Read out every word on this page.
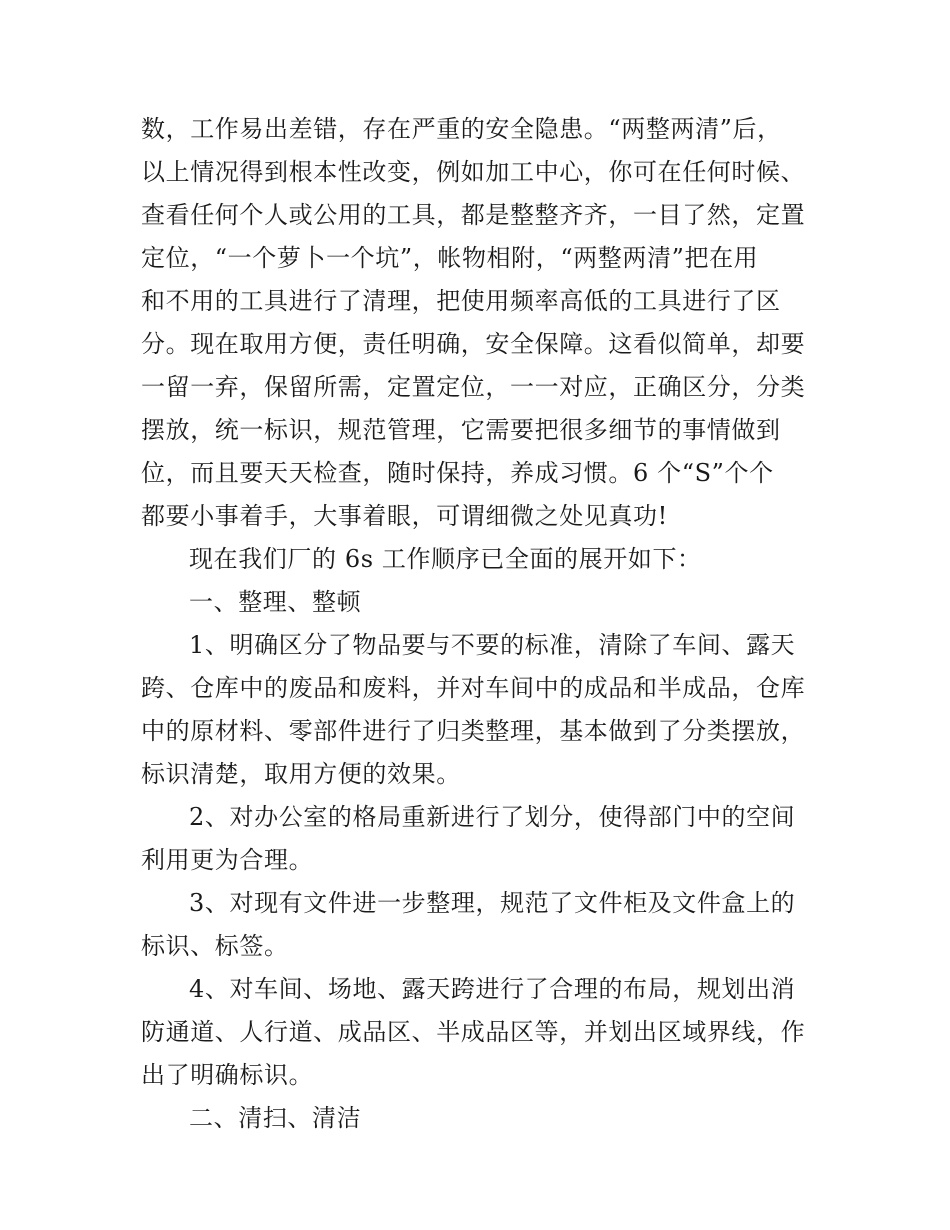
数，工作易出差错，存在严重的安全隐患。“两整两清”后，
以上情况得到根本性改变，例如加工中心，你可在任何时候、
查看任何个人或公用的工具，都是整整齐齐，一目了然，定置
定位，“一个萝卜一个坑”，帐物相附，“两整两清”把在用
和不用的工具进行了清理，把使用频率高低的工具进行了区
分。现在取用方便，责任明确，安全保障。这看似简单，却要
一留一弃，保留所需，定置定位，一一对应，正确区分，分类
摆放，统一标识，规范管理，它需要把很多细节的事情做到
位，而且要天天检查，随时保持，养成习惯。6 个“S”个个
都要小事着手，大事着眼，可谓细微之处见真功!
现在我们厂的 6s 工作顺序已全面的展开如下：
一、整理、整顿
1、明确区分了物品要与不要的标准，清除了车间、露天
跨、仓库中的废品和废料，并对车间中的成品和半成品，仓库
中的原材料、零部件进行了归类整理，基本做到了分类摆放，
标识清楚，取用方便的效果。
2、对办公室的格局重新进行了划分，使得部门中的空间
利用更为合理。
3、对现有文件进一步整理，规范了文件柜及文件盒上的
标识、标签。
4、对车间、场地、露天跨进行了合理的布局，规划出消
防通道、人行道、成品区、半成品区等，并划出区域界线，作
出了明确标识。
二、清扫、清洁
